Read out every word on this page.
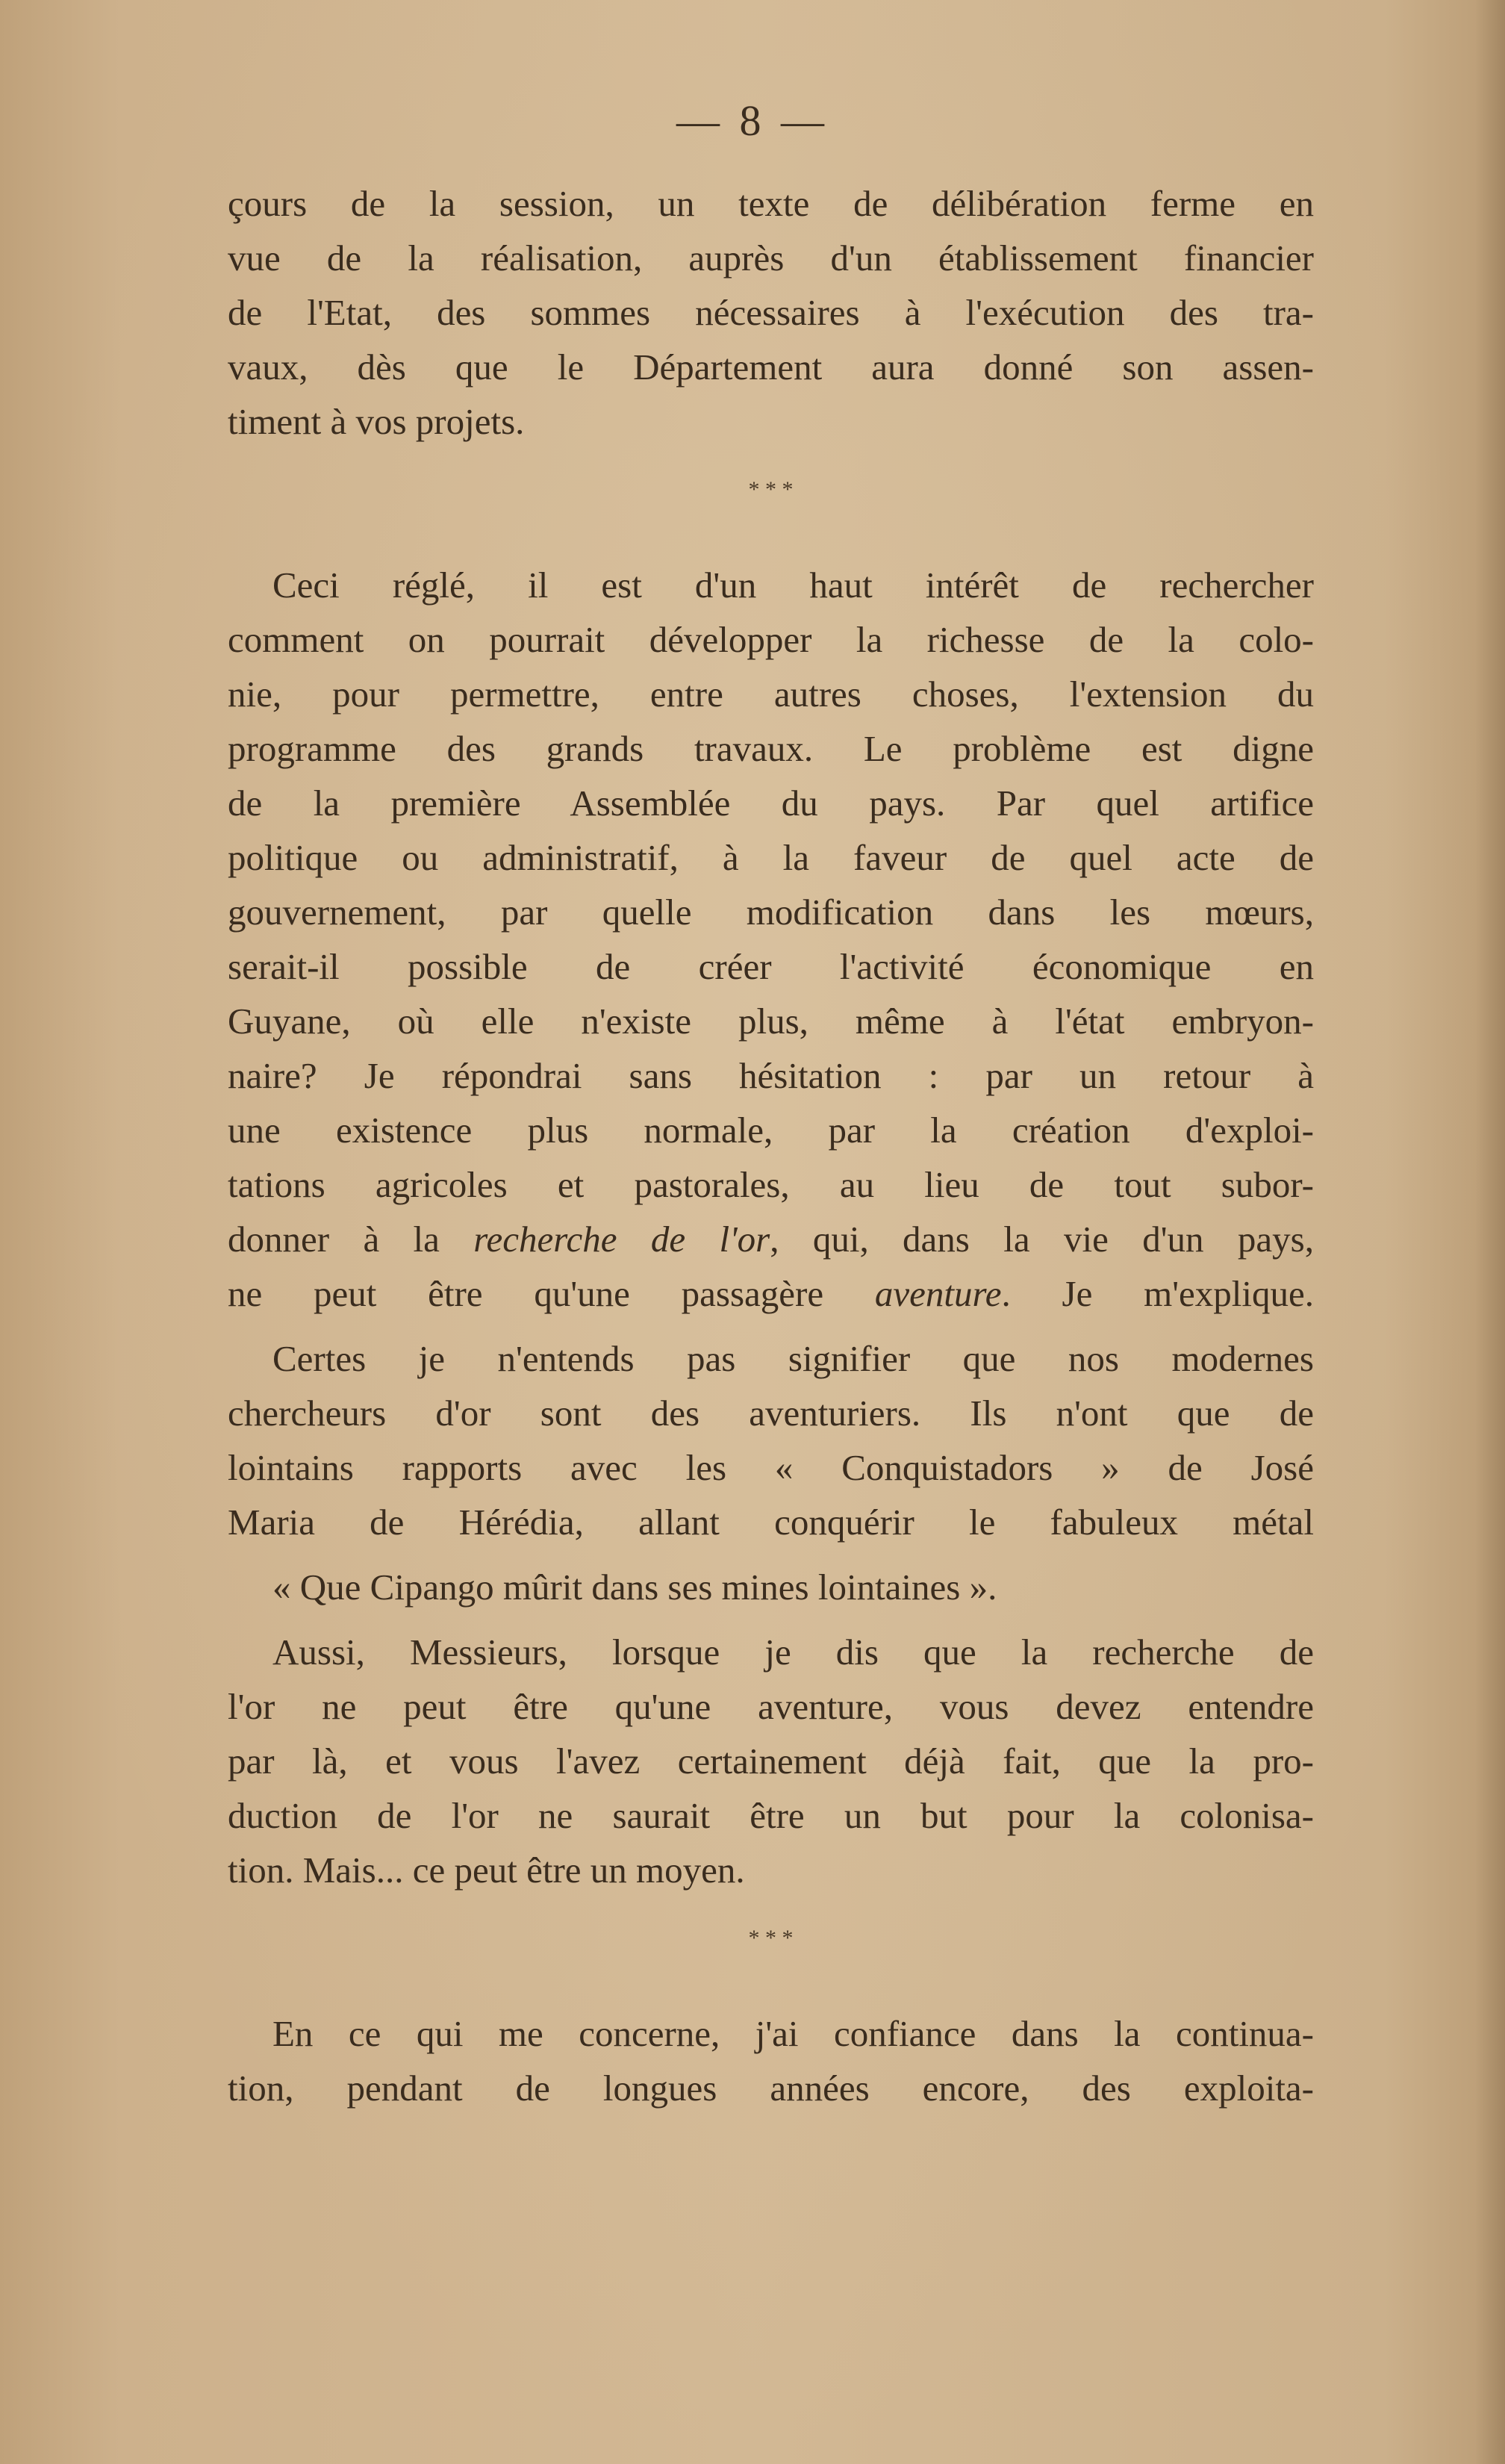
— 8 —
çours de la session, un texte de délibération ferme en
vue de la réalisation, auprès d'un établissement financier
de l'Etat, des sommes nécessaires à l'exécution des tra-
vaux, dès que le Département aura donné son assen-
timent à vos projets.
* * *
Ceci réglé, il est d'un haut intérêt de rechercher
comment on pourrait développer la richesse de la colo-
nie, pour permettre, entre autres choses, l'extension du
programme des grands travaux. Le problème est digne
de la première Assemblée du pays. Par quel artifice
politique ou administratif, à la faveur de quel acte de
gouvernement, par quelle modification dans les mœurs,
serait-il possible de créer l'activité économique en
Guyane, où elle n'existe plus, même à l'état embryon-
naire? Je répondrai sans hésitation : par un retour à
une existence plus normale, par la création d'exploi-
tations agricoles et pastorales, au lieu de tout subor-
donner à la recherche de l'or, qui, dans la vie d'un pays,
ne peut être qu'une passagère aventure. Je m'explique.
Certes je n'entends pas signifier que nos modernes
chercheurs d'or sont des aventuriers. Ils n'ont que de
lointains rapports avec les « Conquistadors » de José
Maria de Hérédia, allant conquérir le fabuleux métal
« Que Cipango mûrit dans ses mines lointaines ».
Aussi, Messieurs, lorsque je dis que la recherche de
l'or ne peut être qu'une aventure, vous devez entendre
par là, et vous l'avez certainement déjà fait, que la pro-
duction de l'or ne saurait être un but pour la colonisa-
tion. Mais... ce peut être un moyen.
* * *
En ce qui me concerne, j'ai confiance dans la continua-
tion, pendant de longues années encore, des exploita-
